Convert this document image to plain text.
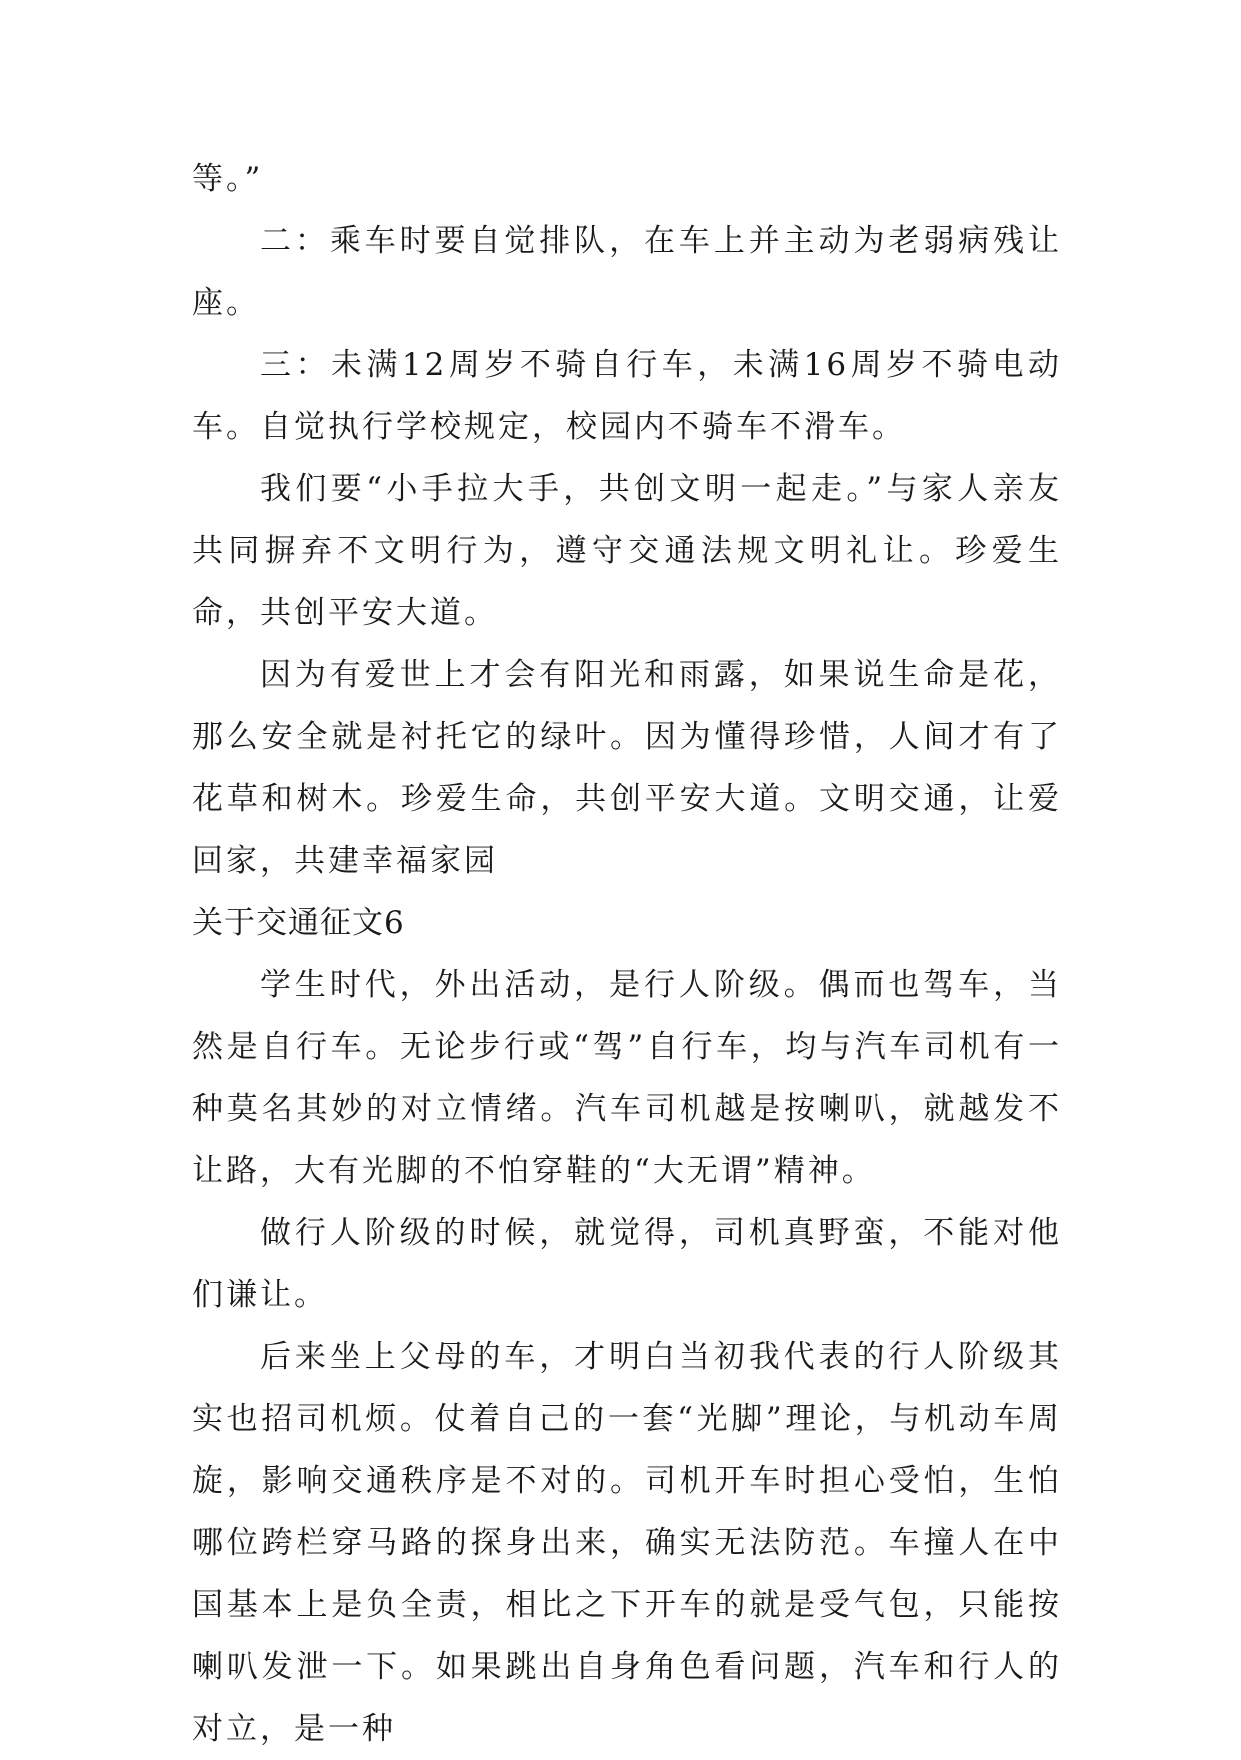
等。”

二：乘车时要自觉排队，在车上并主动为老弱病残让座。

三：未满12周岁不骑自行车，未满16周岁不骑电动车。自觉执行学校规定，校园内不骑车不滑车。

我们要“小手拉大手，共创文明一起走。”与家人亲友共同摒弃不文明行为，遵守交通法规文明礼让。珍爱生命，共创平安大道。

因为有爱世上才会有阳光和雨露，如果说生命是花，那么安全就是衬托它的绿叶。因为懂得珍惜，人间才有了花草和树木。珍爱生命，共创平安大道。文明交通，让爱回家，共建幸福家园

关于交通征文6

学生时代，外出活动，是行人阶级。偶而也驾车，当然是自行车。无论步行或“驾”自行车，均与汽车司机有一种莫名其妙的对立情绪。汽车司机越是按喇叭，就越发不让路，大有光脚的不怕穿鞋的“大无谓”精神。

做行人阶级的时候，就觉得，司机真野蛮，不能对他们谦让。

后来坐上父母的车，才明白当初我代表的行人阶级其实也招司机烦。仗着自己的一套“光脚”理论，与机动车周旋，影响交通秩序是不对的。司机开车时担心受怕，生怕哪位跨栏穿马路的探身出来，确实无法防范。车撞人在中国基本上是负全责，相比之下开车的就是受气包，只能按喇叭发泄一下。如果跳出自身角色看问题，汽车和行人的对立，是一种
